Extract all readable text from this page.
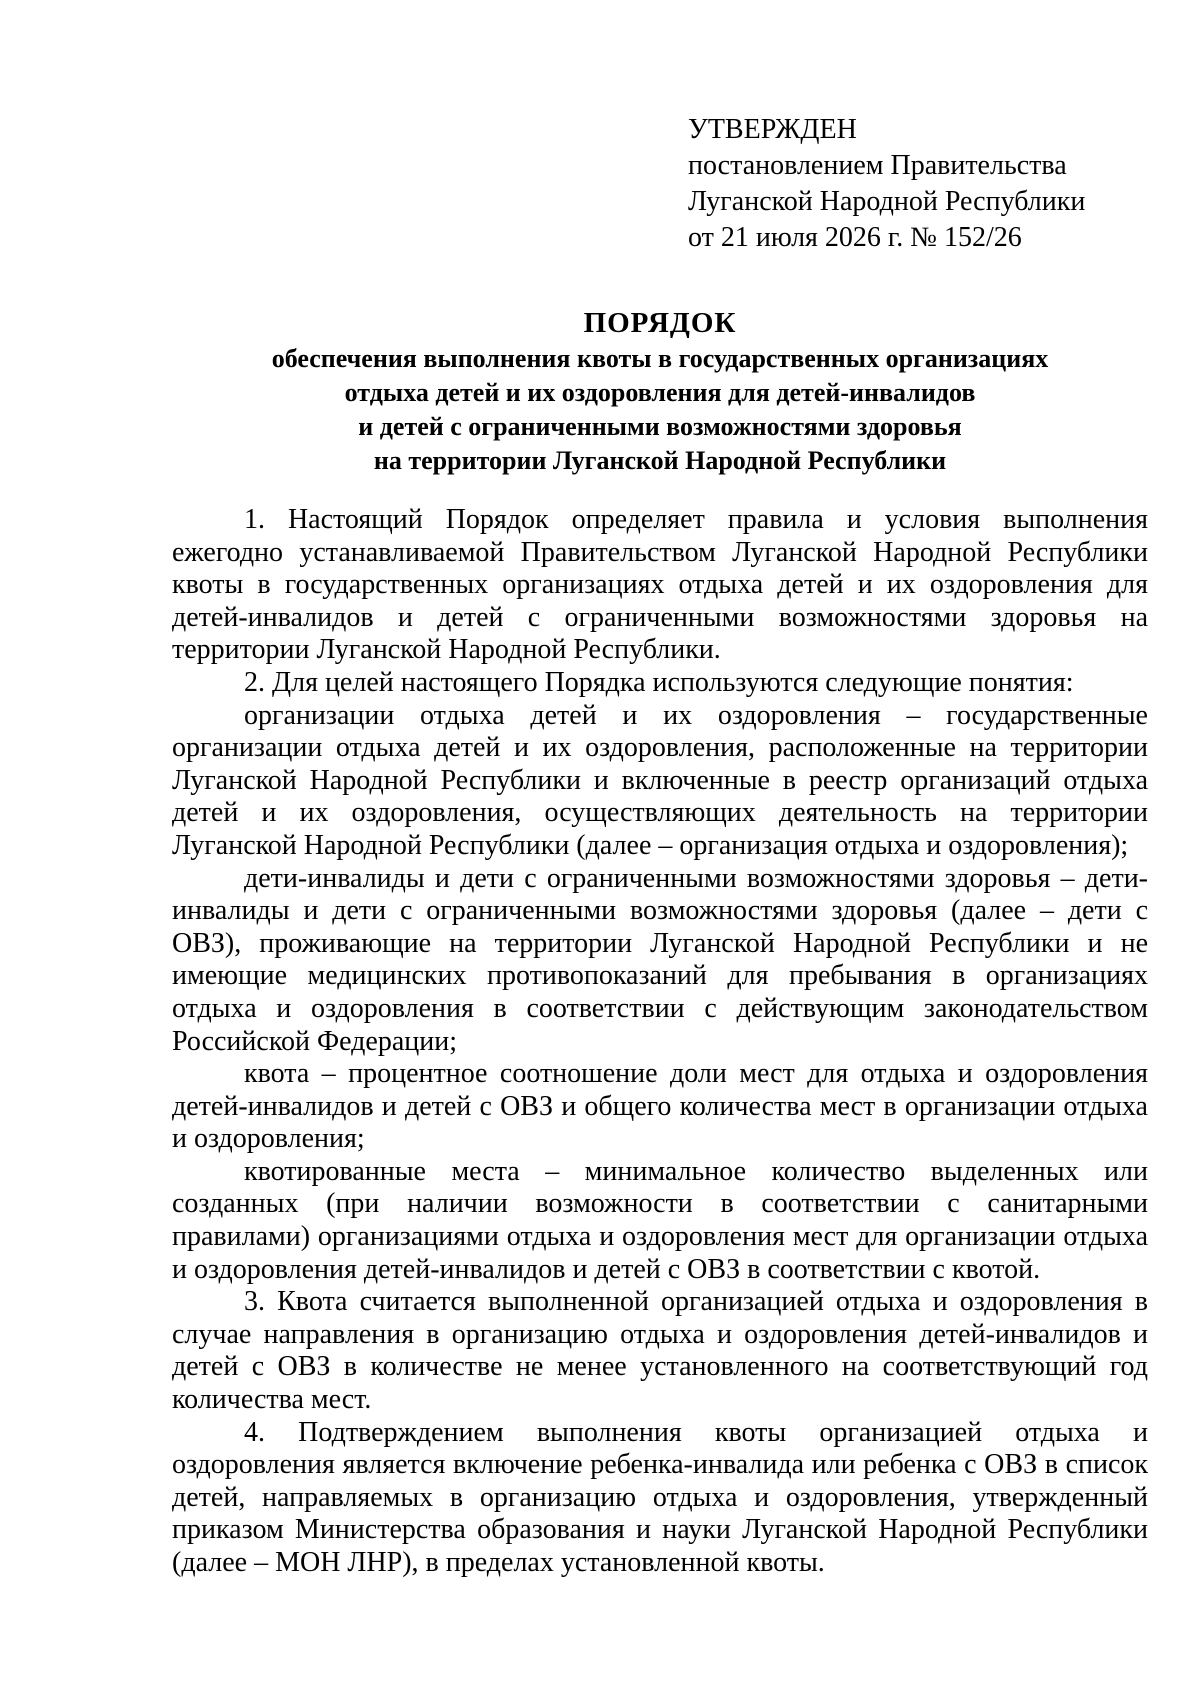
УТВЕРЖДЕН
постановлением Правительства
Луганской Народной Республики
от 21 июля 2026 г. № 152/26
ПОРЯДОК
обеспечения выполнения квоты в государственных организациях
отдыха детей и их оздоровления для детей-инвалидов
и детей с ограниченными возможностями здоровья
на территории Луганской Народной Республики

1. Настоящий Порядок определяет правила и условия выполнения ежегодно устанавливаемой Правительством Луганской Народной Республики квоты в государственных организациях отдыха детей и их оздоровления для детей-инвалидов и детей с ограниченными возможностями здоровья на территории Луганской Народной Республики.

2. Для целей настоящего Порядка используются следующие понятия:

организации отдыха детей и их оздоровления – государственные организации отдыха детей и их оздоровления, расположенные на территории Луганской Народной Республики и включенные в реестр организаций отдыха детей и их оздоровления, осуществляющих деятельность на территории Луганской Народной Республики (далее – организация отдыха и оздоровления);

дети-инвалиды и дети с ограниченными возможностями здоровья – дети-инвалиды и дети с ограниченными возможностями здоровья (далее – дети с ОВЗ), проживающие на территории Луганской Народной Республики и не имеющие медицинских противопоказаний для пребывания в организациях отдыха и оздоровления в соответствии с действующим законодательством Российской Федерации;

квота – процентное соотношение доли мест для отдыха и оздоровления детей-инвалидов и детей с ОВЗ и общего количества мест в организации отдыха и оздоровления;

квотированные места – минимальное количество выделенных или созданных (при наличии возможности в соответствии с санитарными правилами) организациями отдыха и оздоровления мест для организации отдыха и оздоровления детей-инвалидов и детей с ОВЗ в соответствии с квотой.

3. Квота считается выполненной организацией отдыха и оздоровления в случае направления в организацию отдыха и оздоровления детей-инвалидов и детей с ОВЗ в количестве не менее установленного на соответствующий год количества мест.

4. Подтверждением выполнения квоты организацией отдыха и оздоровления является включение ребенка-инвалида или ребенка с ОВЗ в список детей, направляемых в организацию отдыха и оздоровления, утвержденный приказом Министерства образования и науки Луганской Народной Республики (далее – МОН ЛНР), в пределах установленной квоты.
